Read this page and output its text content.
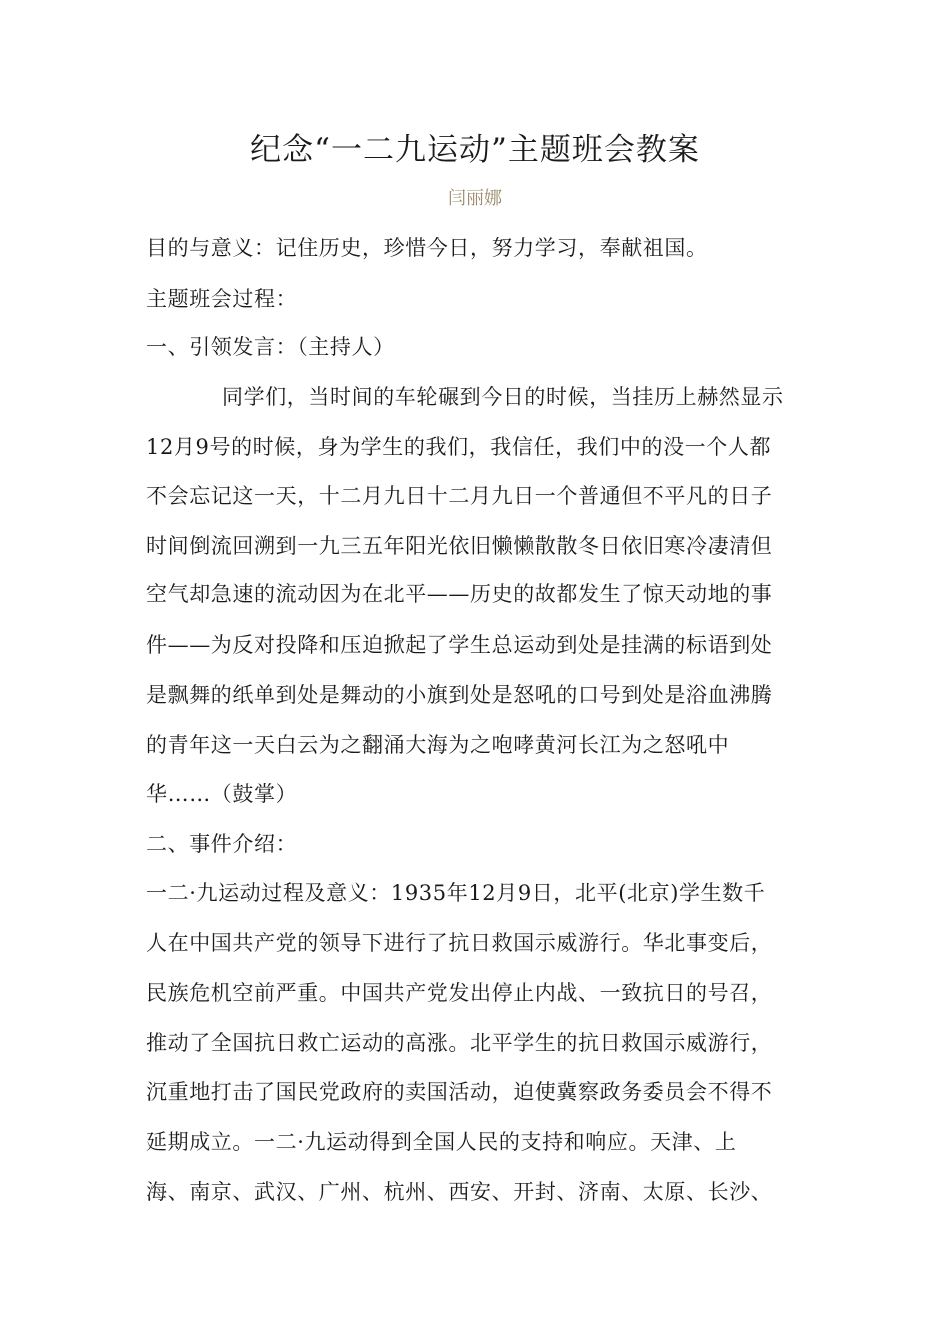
纪念“一二九运动”主题班会教案
闫丽娜
目的与意义：记住历史，珍惜今日，努力学习，奉献祖国。
主题班会过程：
一、引领发言：（主持人）
同学们，当时间的车轮碾到今日的时候，当挂历上赫然显示
12月9号的时候，身为学生的我们，我信任，我们中的没一个人都
不会忘记这一天，十二月九日十二月九日一个普通但不平凡的日子
时间倒流回溯到一九三五年阳光依旧懒懒散散冬日依旧寒冷凄清但
空气却急速的流动因为在北平——历史的故都发生了惊天动地的事
件——为反对投降和压迫掀起了学生总运动到处是挂满的标语到处
是飘舞的纸单到处是舞动的小旗到处是怒吼的口号到处是浴血沸腾
的青年这一天白云为之翻涌大海为之咆哮黄河长江为之怒吼中
华……（鼓掌）
二、事件介绍：
一二·九运动过程及意义：1935年12月9日，北平(北京)学生数千
人在中国共产党的领导下进行了抗日救国示威游行。华北事变后，
民族危机空前严重。中国共产党发出停止内战、一致抗日的号召，
推动了全国抗日救亡运动的高涨。北平学生的抗日救国示威游行，
沉重地打击了国民党政府的卖国活动，迫使冀察政务委员会不得不
延期成立。一二·九运动得到全国人民的支持和响应。天津、上
海、南京、武汉、广州、杭州、西安、开封、济南、太原、长沙、
